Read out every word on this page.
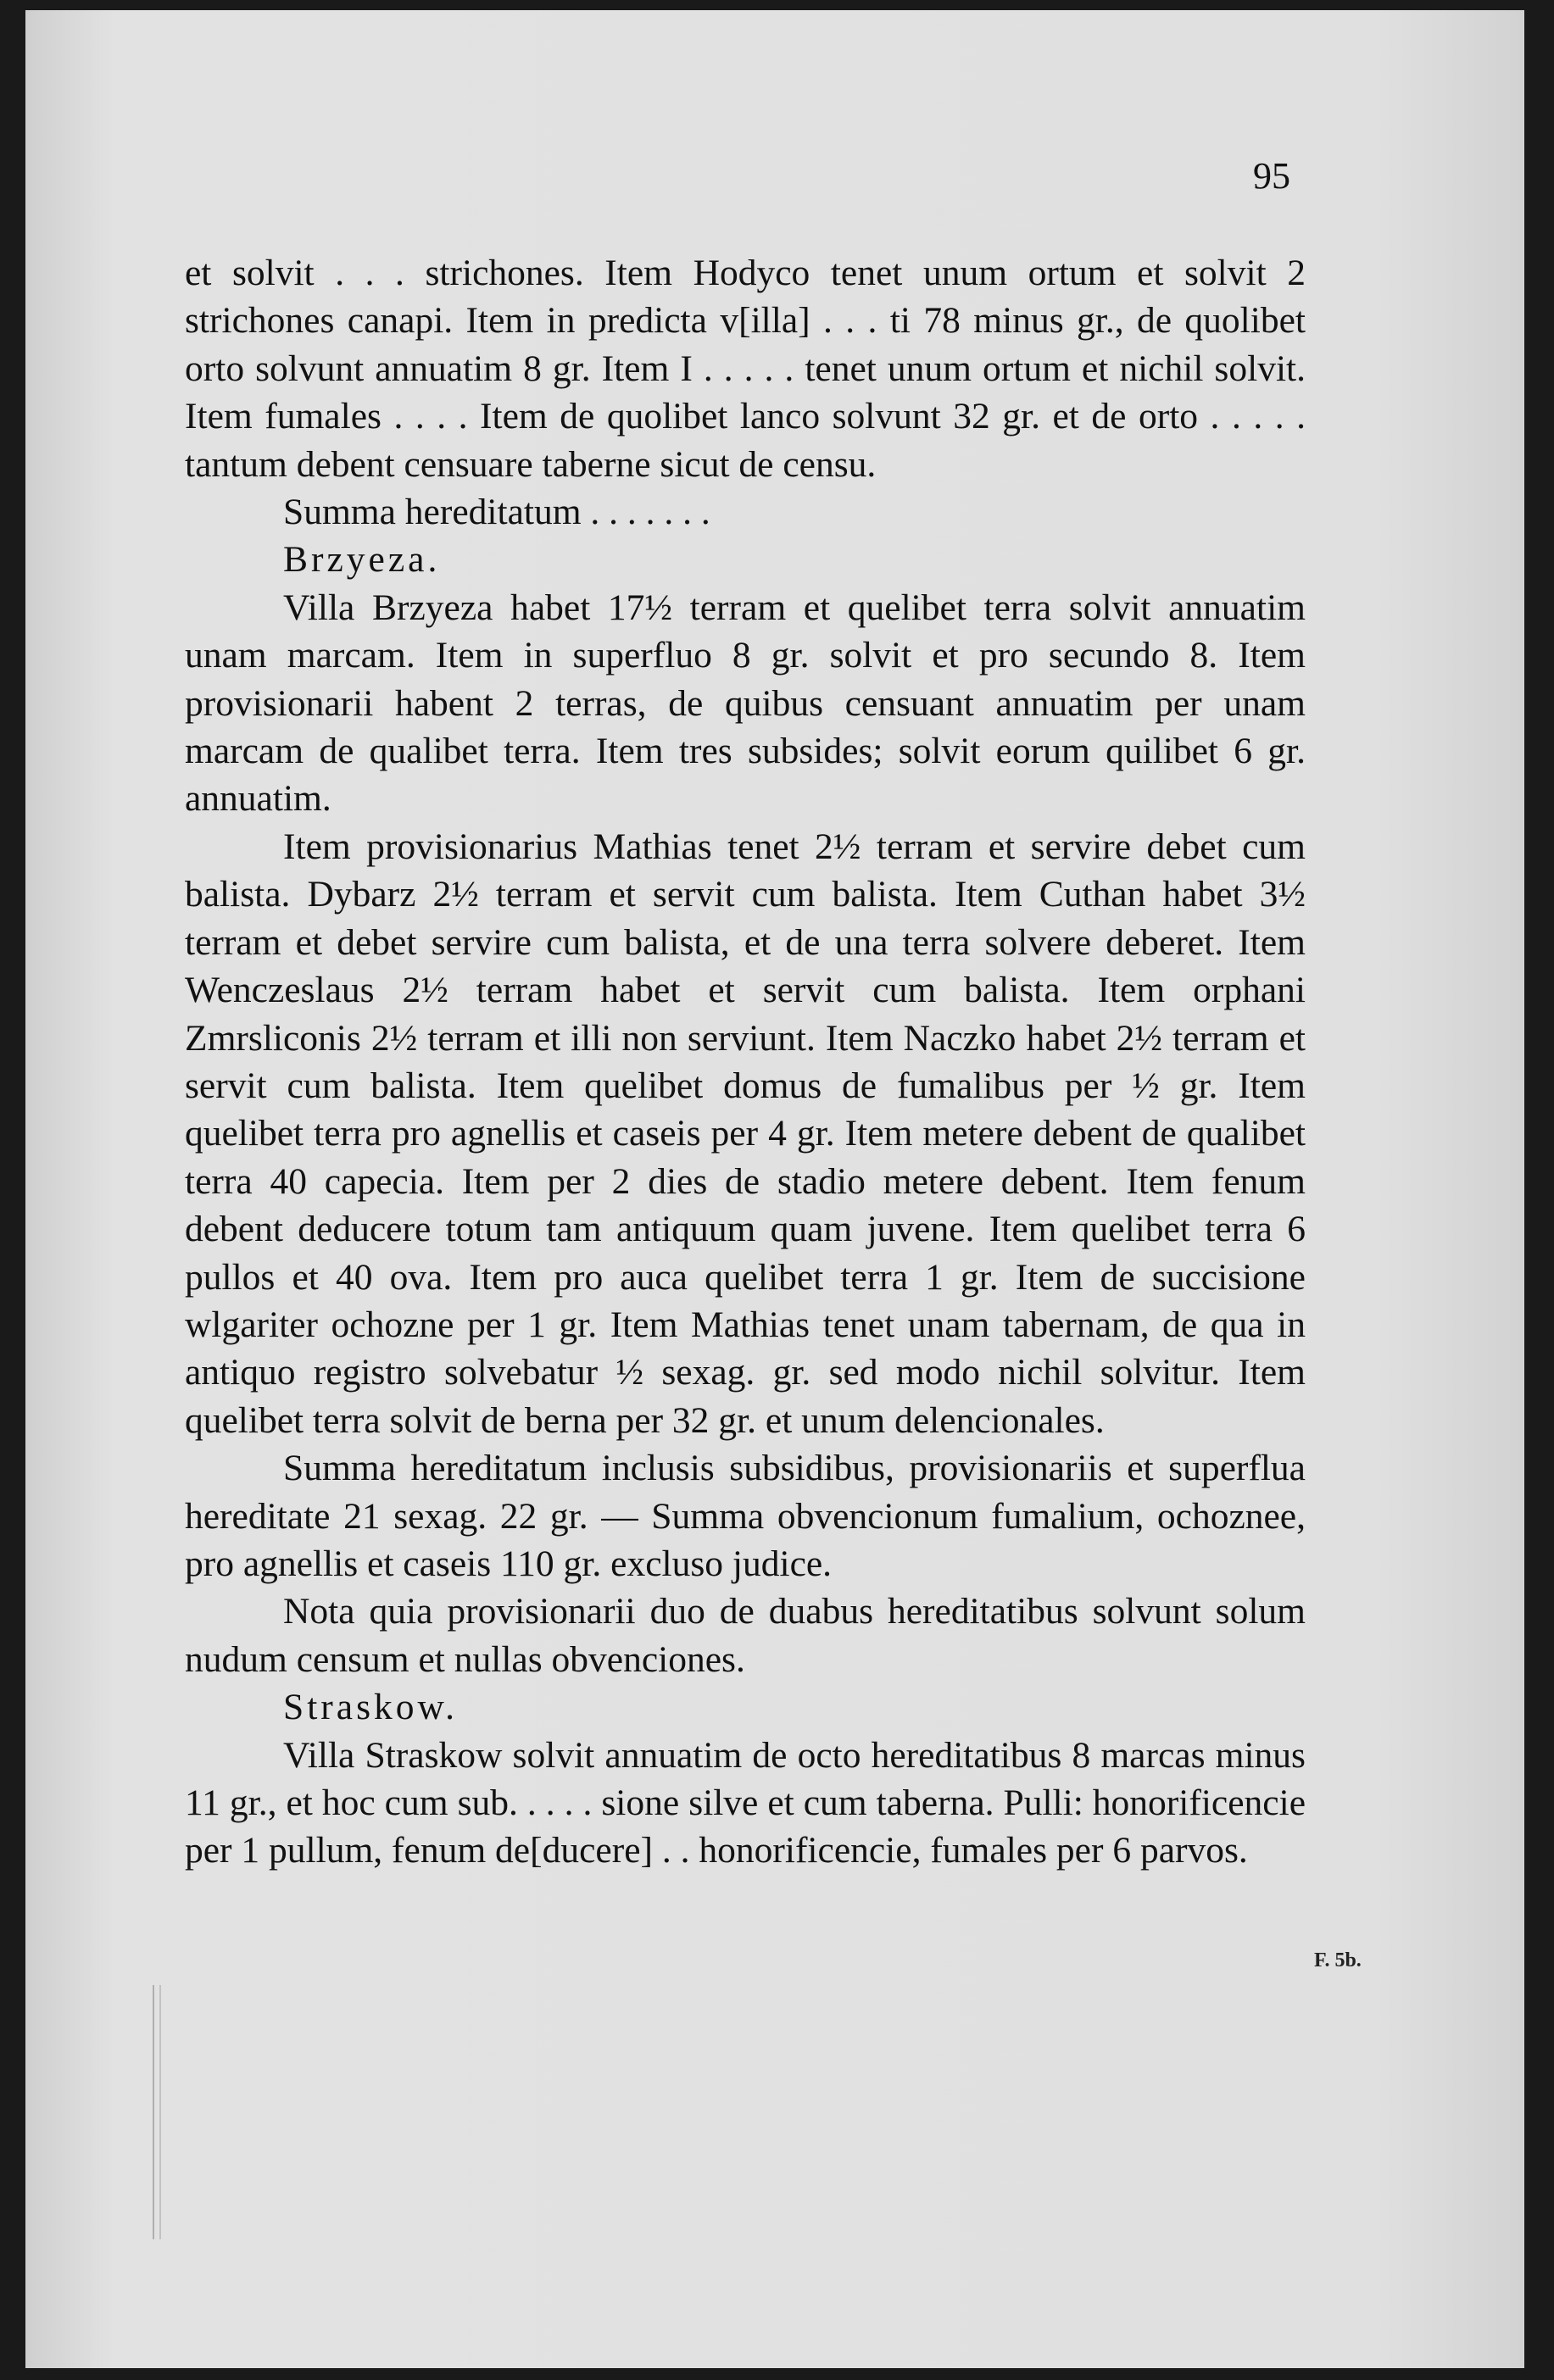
95

et solvit . . . strichones. Item Hodyco tenet unum ortum et solvit 2 strichones canapi. Item in predicta v[illa] . . . ti 78 minus gr., de quolibet orto solvunt annuatim 8 gr. Item I . . . . . tenet unum ortum et nichil solvit. Item fumales . . . . Item de quolibet lanco solvunt 32 gr. et de orto . . . . . tantum debent censuare taberne sicut de censu.

Summa hereditatum . . . . . . .

Brzyeza.

Villa Brzyeza habet 17½ terram et quelibet terra solvit annuatim unam marcam. Item in superfluo 8 gr. solvit et pro secundo 8. Item provisionarii habent 2 terras, de quibus censuant annuatim per unam marcam de qualibet terra. Item tres subsides; solvit eorum quilibet 6 gr. annuatim.

Item provisionarius Mathias tenet 2½ terram et servire debet cum balista. Dybarz 2½ terram et servit cum balista. Item Cuthan habet 3½ terram et debet servire cum balista, et de una terra solvere deberet. Item Wenczeslaus 2½ terram habet et servit cum balista. Item orphani Zmrsliconis 2½ terram et illi non serviunt. Item Naczko habet 2½ terram et servit cum balista. Item quelibet domus de fumalibus per ½ gr. Item quelibet terra pro agnellis et caseis per 4 gr. Item metere debent de qualibet terra 40 capecia. Item per 2 dies de stadio metere debent. Item fenum debent deducere totum tam antiquum quam juvene. Item quelibet terra 6 pullos et 40 ova. Item pro auca quelibet terra 1 gr. Item de succisione wlgariter ochozne per 1 gr. Item Mathias tenet unam tabernam, de qua in antiquo registro solvebatur ½ sexag. gr. sed modo nichil solvitur. Item quelibet terra solvit de berna per 32 gr. et unum delencionales.

Summa hereditatum inclusis subsidibus, provisionariis et superflua hereditate 21 sexag. 22 gr. — Summa obvencionum fumalium, ochoznee, pro agnellis et caseis 110 gr. excluso judice.

Nota quia provisionarii duo de duabus hereditatibus solvunt solum nudum censum et nullas obvenciones.

Straskow.

Villa Straskow solvit annuatim de octo hereditatibus 8 marcas minus 11 gr., et hoc cum sub. . . . . sione silve et cum taberna. Pulli: honorificencie per 1 pullum, fenum de[ducere] . . honorificencie, fumales per 6 parvos.

F. 5b.
